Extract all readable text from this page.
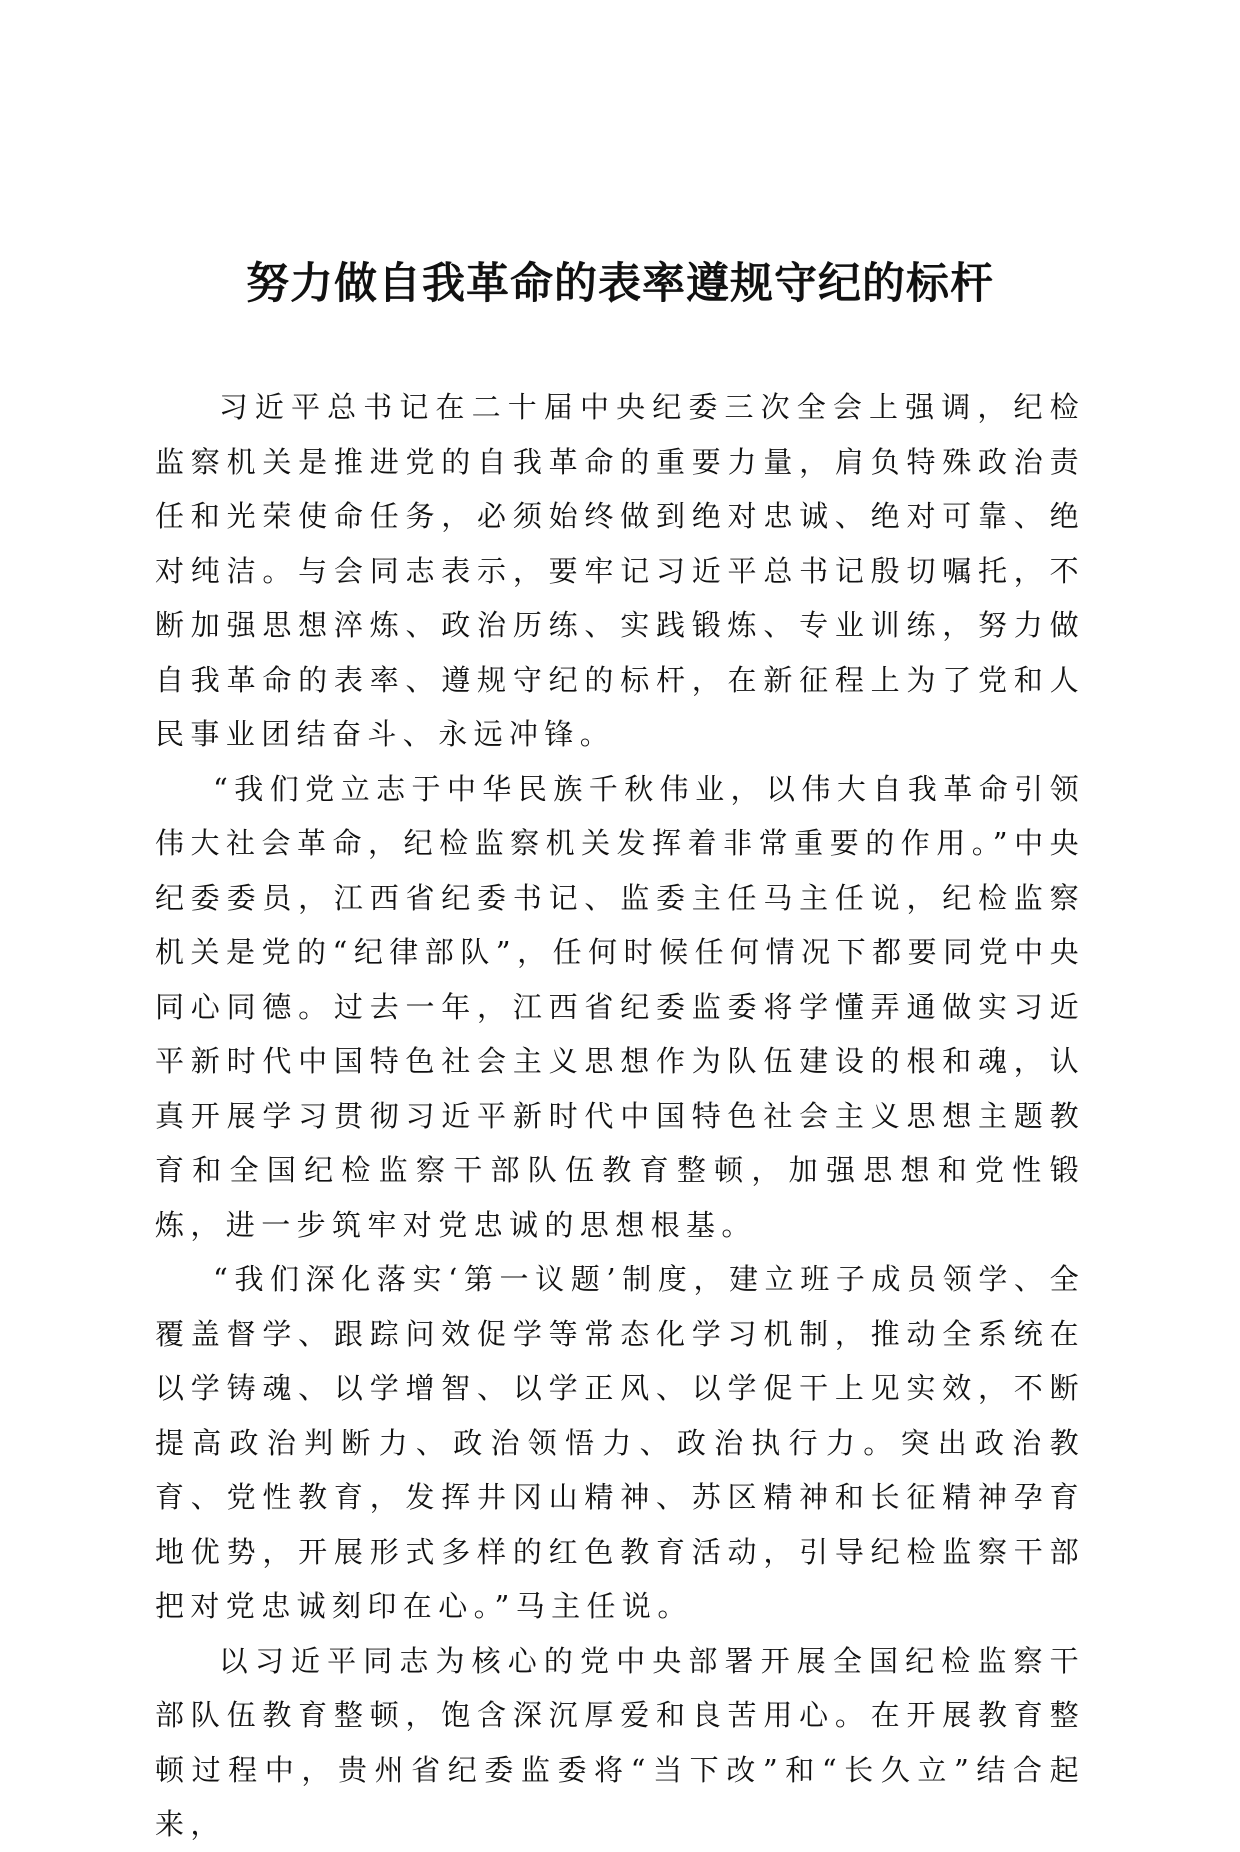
努力做自我革命的表率遵规守纪的标杆

习近平总书记在二十届中央纪委三次全会上强调，纪检监察机关是推进党的自我革命的重要力量，肩负特殊政治责任和光荣使命任务，必须始终做到绝对忠诚、绝对可靠、绝对纯洁。与会同志表示，要牢记习近平总书记殷切嘱托，不断加强思想淬炼、政治历练、实践锻炼、专业训练，努力做自我革命的表率、遵规守纪的标杆，在新征程上为了党和人民事业团结奋斗、永远冲锋。

“我们党立志于中华民族千秋伟业，以伟大自我革命引领伟大社会革命，纪检监察机关发挥着非常重要的作用。”中央纪委委员，江西省纪委书记、监委主任马主任说，纪检监察机关是党的“纪律部队”，任何时候任何情况下都要同党中央同心同德。过去一年，江西省纪委监委将学懂弄通做实习近平新时代中国特色社会主义思想作为队伍建设的根和魂，认真开展学习贯彻习近平新时代中国特色社会主义思想主题教育和全国纪检监察干部队伍教育整顿，加强思想和党性锻炼，进一步筑牢对党忠诚的思想根基。

“我们深化落实‘第一议题’制度，建立班子成员领学、全覆盖督学、跟踪问效促学等常态化学习机制，推动全系统在以学铸魂、以学增智、以学正风、以学促干上见实效，不断提高政治判断力、政治领悟力、政治执行力。突出政治教育、党性教育，发挥井冈山精神、苏区精神和长征精神孕育地优势，开展形式多样的红色教育活动，引导纪检监察干部把对党忠诚刻印在心。”马主任说。

以习近平同志为核心的党中央部署开展全国纪检监察干部队伍教育整顿，饱含深沉厚爱和良苦用心。在开展教育整顿过程中，贵州省纪委监委将“当下改”和“长久立”结合起来，
